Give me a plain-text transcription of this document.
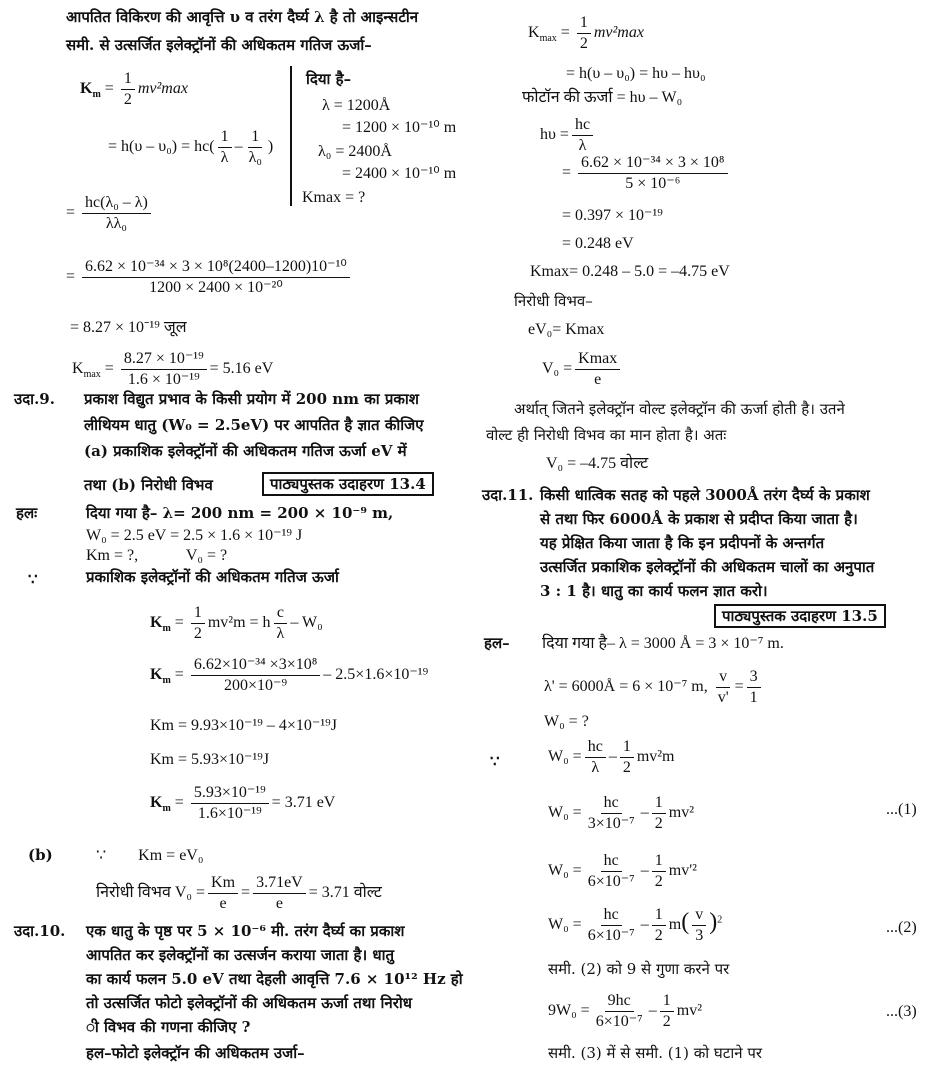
आपतित विकिरण की आवृत्ति υ व तरंग दैर्घ्य λ है तो आइन्सटीन
समी. से उत्सर्जित इलेक्ट्रॉनों की अधिकतम गतिज ऊर्जा–
$K_m = \frac{1}{2} mv^2\max$
= $h(\upsilon - \upsilon_0) = hc( \frac{1}{\lambda} - \frac{1}{\text{λ₀}}$ )
दिया है–
λ = 1200Å
= 1200 × 10⁻¹⁰ m
λ₀ = 2400Å
= 2400 × 10⁻¹⁰ m
Kmax = ?
= $\frac{\text{hc(λ₀ – λ)}}{\text{λλ₀}}$
= $\frac{\text{6.62 × 10⁻³⁴ × 3 × 10⁸(2400–1200)10⁻¹⁰}}{\text{1200 × 2400 × 10⁻²⁰}}$
= 8.27 × 10⁻¹⁹ जूल
$K_{max} = \frac{\text{8.27 × 10⁻¹⁹}}{\text{1.6 × 10⁻¹⁹}} = 5.16$ eV
उदा.9. प्रकाश विद्युत प्रभाव के किसी प्रयोग में 200 nm का प्रकाश
लीथियम धातु (W₀ = 2.5eV) पर आपतित है ज्ञात कीजिए
(a) प्रकाशिक इलेक्ट्रॉनों की अधिकतम गतिज ऊर्जा eV में
तथा (b) निरोधी विभव	पाठ्यपुस्तक उदाहरण 13.4
हलः	दिया गया है– λ= 200 nm = 200 × 10⁻⁹ m,
W₀ = 2.5 eV = 2.5 × 1.6 × 10⁻¹⁹ J
Km = ?,            V₀ = ?
∵	प्रकाशिक इलेक्ट्रॉनों की अधिकतम गतिज ऊर्जा
$K_m = \frac{1}{2} mv^2m = h \frac{c}{\lambda} - W_0$
$K_m = \frac{\text{6.62×10⁻³⁴ ×3×10⁸}}{\text{200×10⁻⁹}} - 2.5\times 1.6\times 10^{-19}$
Km = 9.93×10⁻¹⁹ – 4×10⁻¹⁹J
Km = 5.93×10⁻¹⁹J
$K_m = \frac{\text{5.93×10⁻¹⁹}}{\text{1.6×10⁻¹⁹}} = 3.71$ eV
(b)	∵        Km = eV₀
निरोधी विभव $V_0 = \frac{Km}{e} = \frac{3.71eV}{e} = 3.71$ वोल्ट
उदा.10. एक धातु के पृष्ठ पर 5 × 10⁻⁶ मी. तरंग दैर्घ्य का प्रकाश
आपतित कर इलेक्ट्रॉनों का उत्सर्जन कराया जाता है। धातु
का कार्य फलन 5.0 eV तथा देहली आवृत्ति 7.6 × 10¹² Hz हो
तो उत्सर्जित फोटो इलेक्ट्रॉनों की अधिकतम ऊर्जा तथा निरोध
ी विभव की गणना कीजिए ?
हल–फोटो इलेक्ट्रॉन की अधिकतम उर्जा–
$K_{max} = \frac{1}{2} mv^2\max$
= h(υ – υ₀) = hυ – hυ₀
फोटॉन की ऊर्जा = hυ – W₀
$h\upsilon = \frac{hc}{\lambda}$
= $\frac{\text{6.62 × 10⁻³⁴ × 3 × 10⁸}}{\text{5 × 10⁻⁶}}$
= 0.397 × 10⁻¹⁹
= 0.248 eV
Kmax= 0.248 – 5.0 = –4.75 eV
निरोधी विभव–
eV₀= Kmax
$V_0 = \frac{Kmax}{e}$
अर्थात् जितने इलेक्ट्रॉन वोल्ट इलेक्ट्रॉन की ऊर्जा होती है। उतने
वोल्ट ही निरोधी विभव का मान होता है। अतः
V₀ = –4.75 वोल्ट
उदा.11. किसी धात्विक सतह को पहले 3000Å तरंग दैर्घ्य के प्रकाश
से तथा फिर 6000Å के प्रकाश से प्रदीप्त किया जाता है।
यह प्रेक्षित किया जाता है कि इन प्रदीपनों के अन्तर्गत
उत्सर्जित प्रकाशिक इलेक्ट्रॉनों की अधिकतम चालों का अनुपात
3 : 1 है। धातु का कार्य फलन ज्ञात करो।
पाठ्यपुस्तक उदाहरण 13.5
हल– दिया गया है– λ = 3000 Å = 3 × 10⁻⁷ m.
λ' = 6000Å = 6 × 10⁻⁷ m, $\frac{v}{v'} = \frac{3}{1}$
W₀ = ?
∵	$W_0 = \frac{hc}{\lambda} - \frac{1}{2} mv^2m$
$W_0 = \frac{hc}{\text{3×10⁻⁷}} - \frac{1}{2} mv^2$	...(1)
$W_0 = \frac{hc}{\text{6×10⁻⁷}} - \frac{1}{2} mv'^2$
$W_0 = \frac{hc}{\text{6×10⁻⁷}} - \frac{1}{2} m( \frac{v}{3} )^2$	...(2)
समी. (2) को 9 से गुणा करने पर
$9W_0 = \frac{9hc}{\text{6×10⁻⁷}} - \frac{1}{2} mv^2$	...(3)
समी. (3) में से समी. (1) को घटाने पर
